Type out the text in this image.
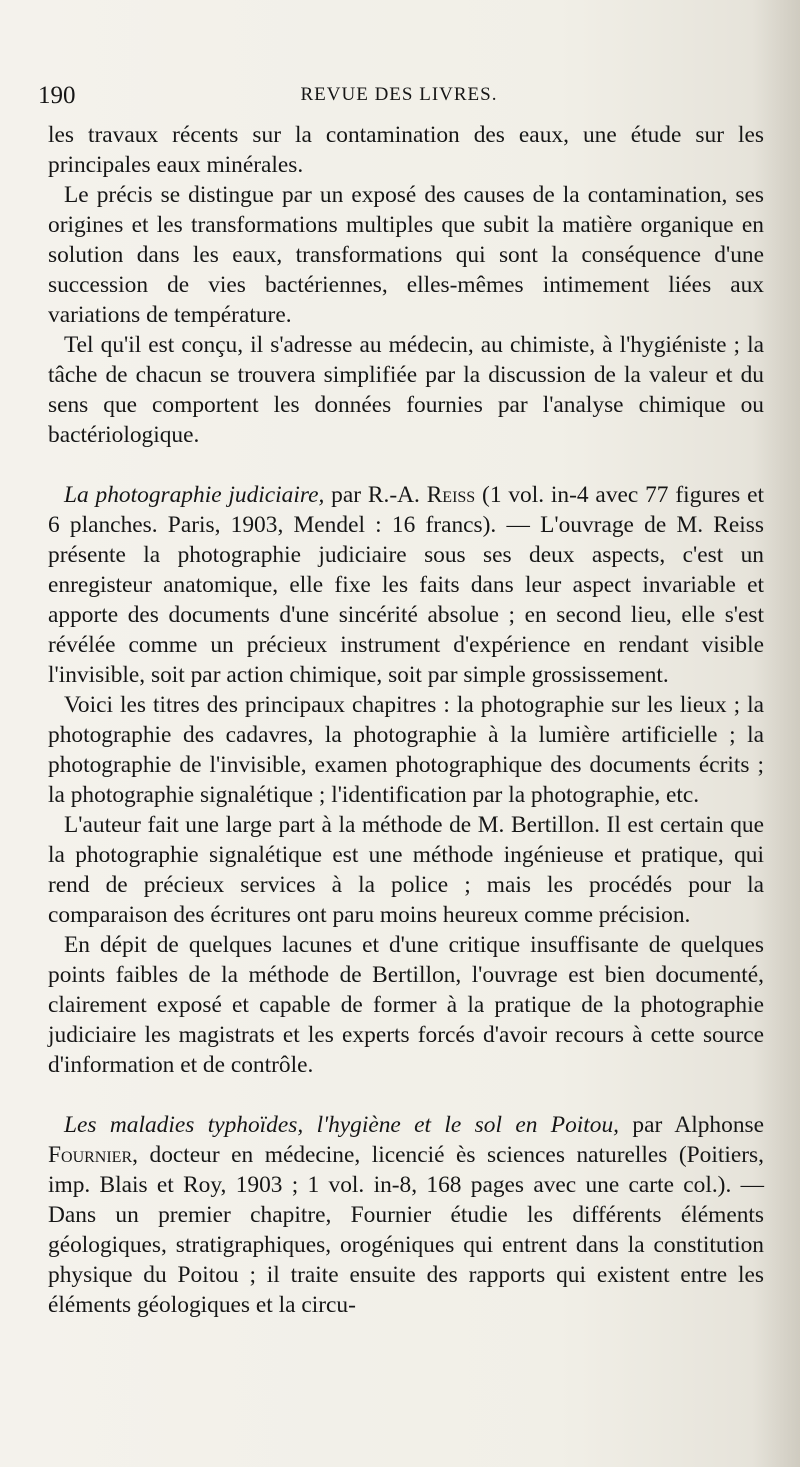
190	REVUE DES LIVRES.

les travaux récents sur la contamination des eaux, une étude sur les principales eaux minérales.

Le précis se distingue par un exposé des causes de la contamination, ses origines et les transformations multiples que subit la matière organique en solution dans les eaux, transformations qui sont la conséquence d'une succession de vies bactériennes, elles-mêmes intimement liées aux variations de température.

Tel qu'il est conçu, il s'adresse au médecin, au chimiste, à l'hygiéniste ; la tâche de chacun se trouvera simplifiée par la discussion de la valeur et du sens que comportent les données fournies par l'analyse chimique ou bactériologique.

La photographie judiciaire, par R.-A. Reiss (1 vol. in-4 avec 77 figures et 6 planches. Paris, 1903, Mendel : 16 francs). — L'ouvrage de M. Reiss présente la photographie judiciaire sous ses deux aspects, c'est un enregisteur anatomique, elle fixe les faits dans leur aspect invariable et apporte des documents d'une sincérité absolue ; en second lieu, elle s'est révélée comme un précieux instrument d'expérience en rendant visible l'invisible, soit par action chimique, soit par simple grossissement.

Voici les titres des principaux chapitres : la photographie sur les lieux ; la photographie des cadavres, la photographie à la lumière artificielle ; la photographie de l'invisible, examen photographique des documents écrits ; la photographie signalétique ; l'identification par la photographie, etc.

L'auteur fait une large part à la méthode de M. Bertillon. Il est certain que la photographie signalétique est une méthode ingénieuse et pratique, qui rend de précieux services à la police ; mais les procédés pour la comparaison des écritures ont paru moins heureux comme précision.

En dépit de quelques lacunes et d'une critique insuffisante de quelques points faibles de la méthode de Bertillon, l'ouvrage est bien documenté, clairement exposé et capable de former à la pratique de la photographie judiciaire les magistrats et les experts forcés d'avoir recours à cette source d'information et de contrôle.

Les maladies typhoïdes, l'hygiène et le sol en Poitou, par Alphonse Fournier, docteur en médecine, licencié ès sciences naturelles (Poitiers, imp. Blais et Roy, 1903 ; 1 vol. in-8, 168 pages avec une carte col.). — Dans un premier chapitre, Fournier étudie les différents éléments géologiques, stratigraphiques, orogéniques qui entrent dans la constitution physique du Poitou ; il traite ensuite des rapports qui existent entre les éléments géologiques et la circu-
